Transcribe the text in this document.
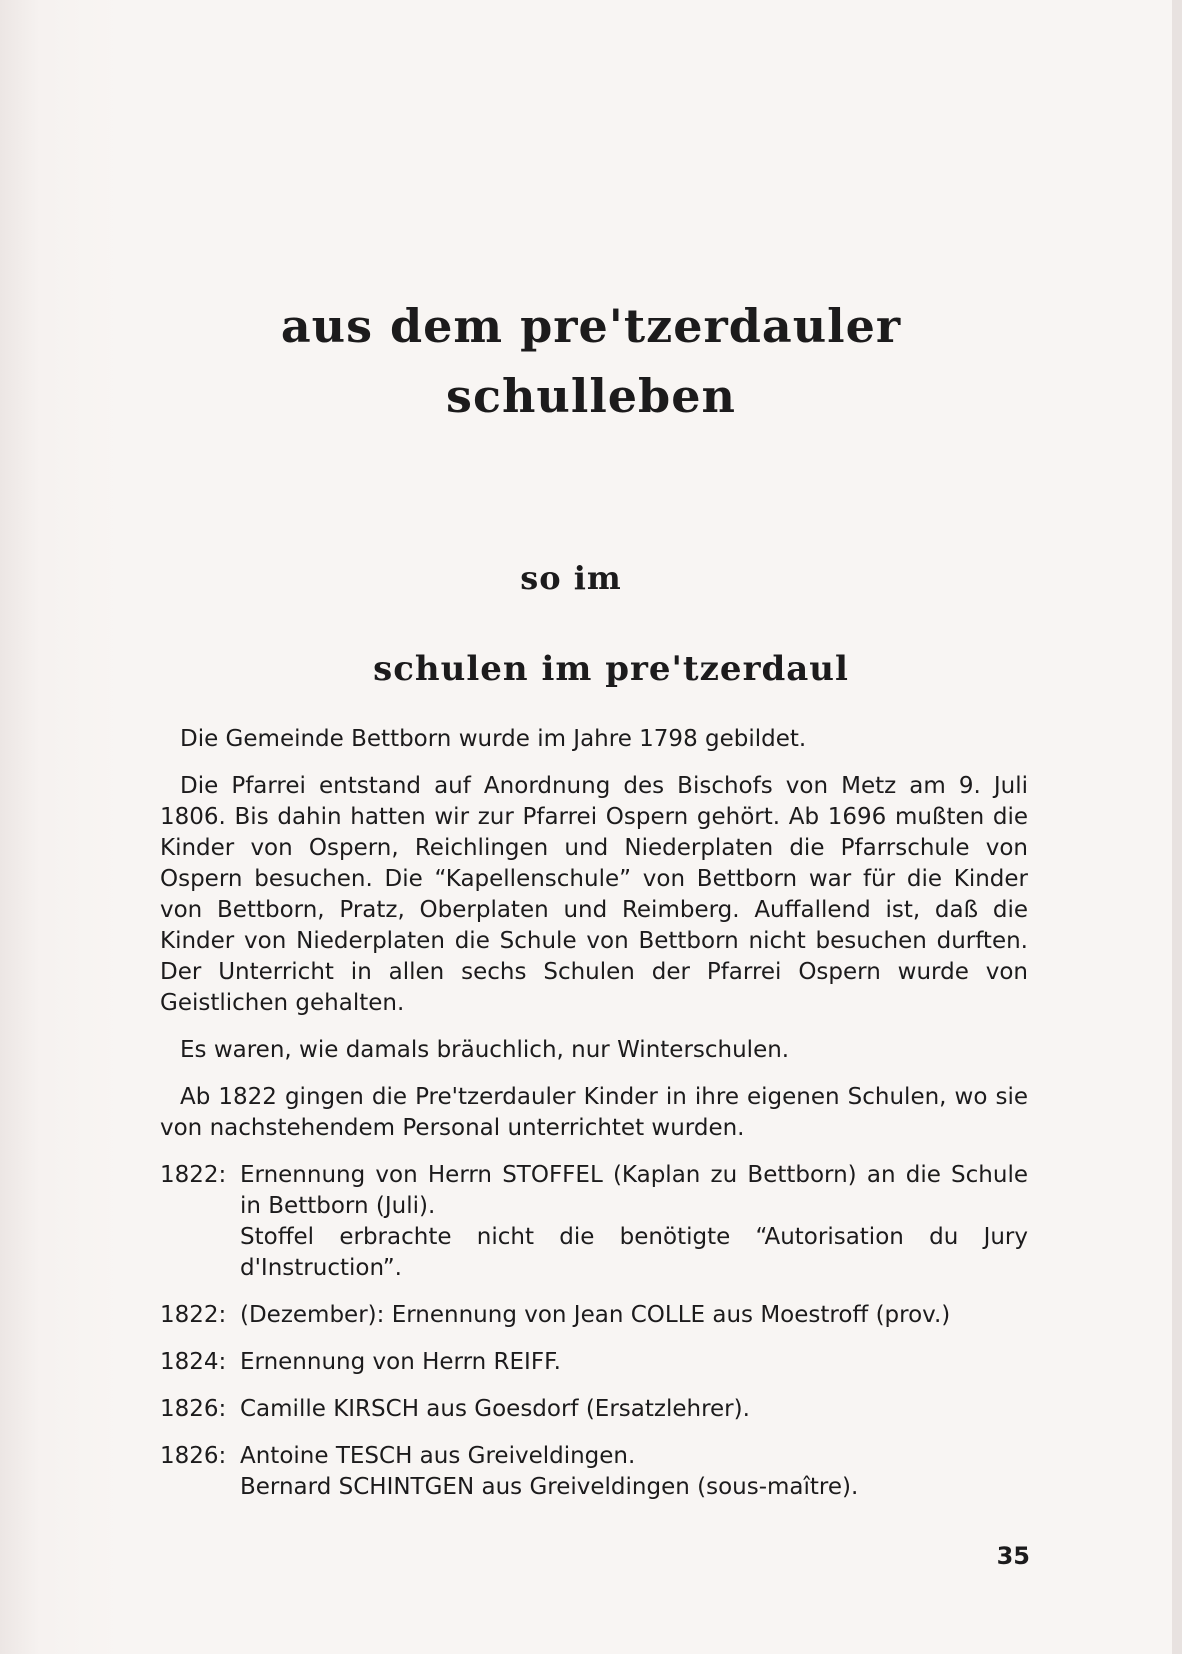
aus dem pre'tzerdauler
schulleben
so im
schulen im pre'tzerdaul

Die Gemeinde Bettborn wurde im Jahre 1798 gebildet.

Die Pfarrei entstand auf Anordnung des Bischofs von Metz am 9. Juli 1806. Bis dahin hatten wir zur Pfarrei Ospern gehört. Ab 1696 mußten die Kinder von Ospern, Reichlingen und Niederplaten die Pfarrschule von Ospern besuchen. Die “Kapellenschule” von Bettborn war für die Kinder von Bettborn, Pratz, Oberplaten und Reimberg. Auffallend ist, daß die Kinder von Niederplaten die Schule von Bettborn nicht besuchen durften. Der Unterricht in allen sechs Schulen der Pfarrei Ospern wurde von Geistlichen gehalten.

Es waren, wie damals bräuchlich, nur Winterschulen.

Ab 1822 gingen die Pre'tzerdauler Kinder in ihre eigenen Schulen, wo sie von nachstehendem Personal unterrichtet wurden.

1822: Ernennung von Herrn STOFFEL (Kaplan zu Bettborn) an die Schule in Bettborn (Juli).
Stoffel erbrachte nicht die benötigte “Autorisation du Jury d'Instruction”.
1822: (Dezember): Ernennung von Jean COLLE aus Moestroff (prov.)
1824: Ernennung von Herrn REIFF.
1826: Camille KIRSCH aus Goesdorf (Ersatzlehrer).
1826: Antoine TESCH aus Greiveldingen.
Bernard SCHINTGEN aus Greiveldingen (sous-maître).
35
